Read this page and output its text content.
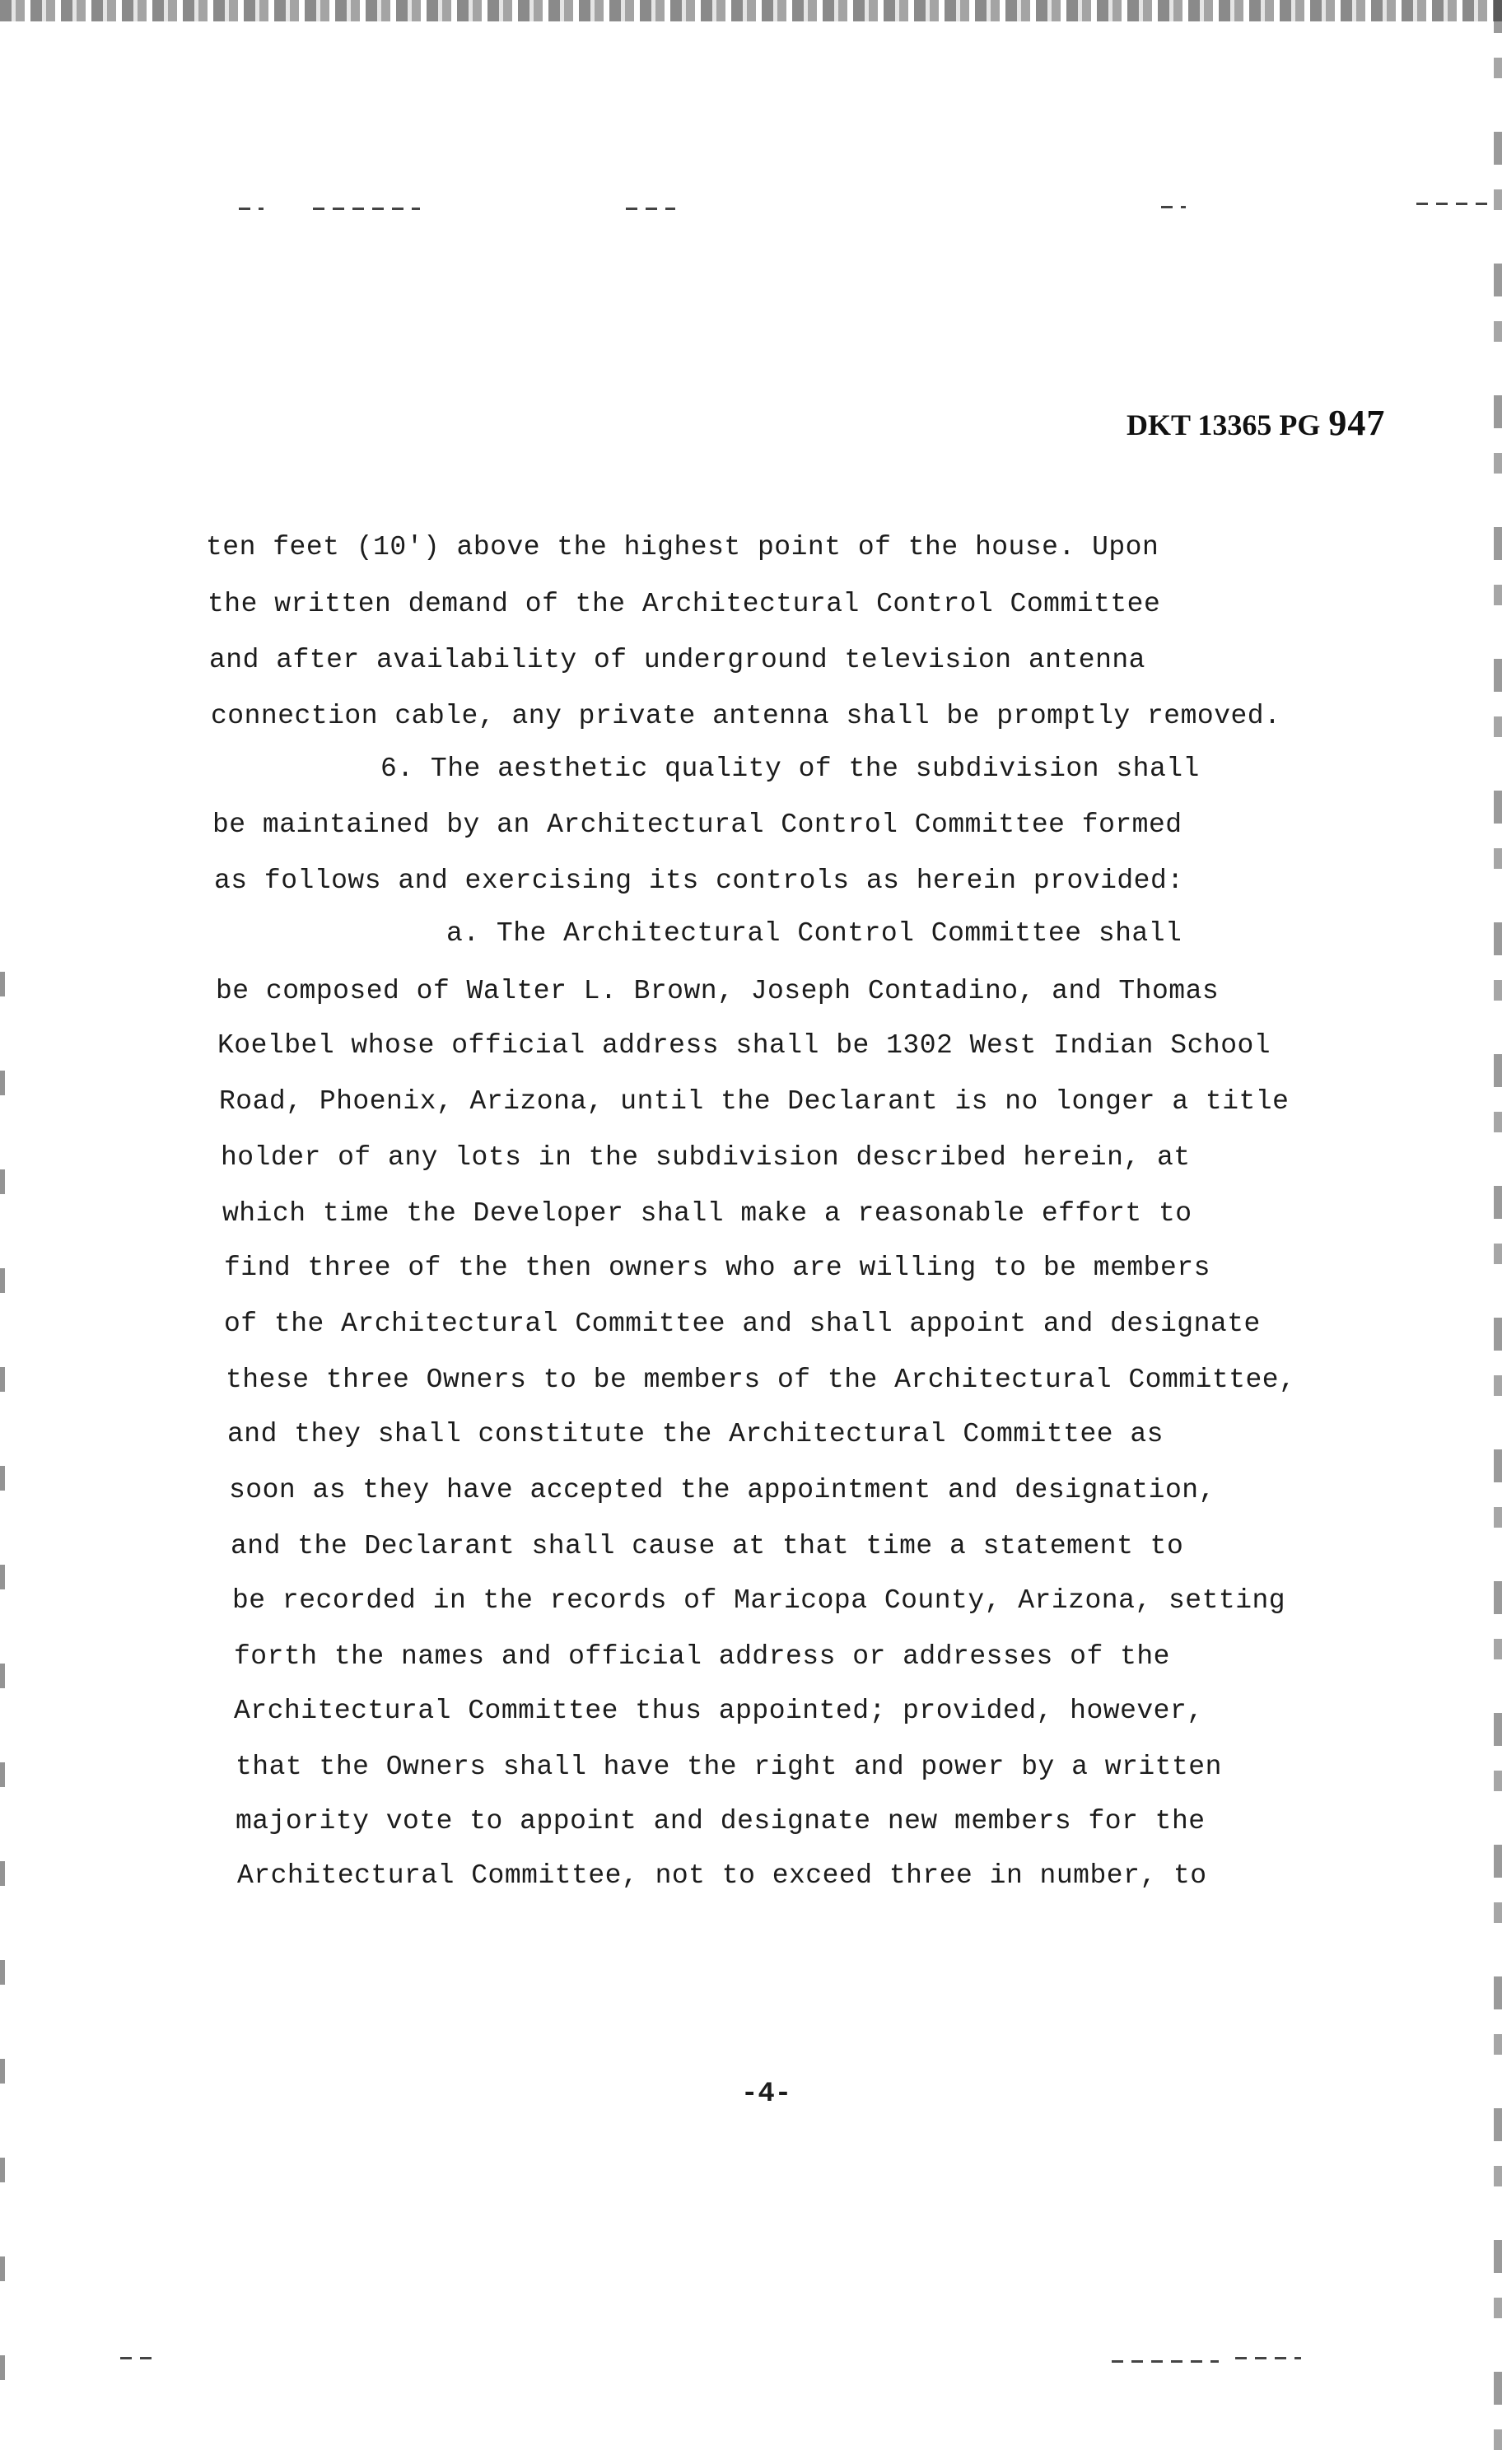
DKT 13365 PG 947
ten feet (10') above the highest point of the house. Upon
the written demand of the Architectural Control Committee
and after availability of underground television antenna
connection cable, any private antenna shall be promptly removed.
6. The aesthetic quality of the subdivision shall
be maintained by an Architectural Control Committee formed
as follows and exercising its controls as herein provided:
a. The Architectural Control Committee shall
be composed of Walter L. Brown, Joseph Contadino, and Thomas
Koelbel whose official address shall be 1302 West Indian School
Road, Phoenix, Arizona, until the Declarant is no longer a title
holder of any lots in the subdivision described herein, at
which time the Developer shall make a reasonable effort to
find three of the then owners who are willing to be members
of the Architectural Committee and shall appoint and designate
these three Owners to be members of the Architectural Committee,
and they shall constitute the Architectural Committee as
soon as they have accepted the appointment and designation,
and the Declarant shall cause at that time a statement to
be recorded in the records of Maricopa County, Arizona, setting
forth the names and official address or addresses of the
Architectural Committee thus appointed; provided, however,
that the Owners shall have the right and power by a written
majority vote to appoint and designate new members for the
Architectural Committee, not to exceed three in number, to
-4-
